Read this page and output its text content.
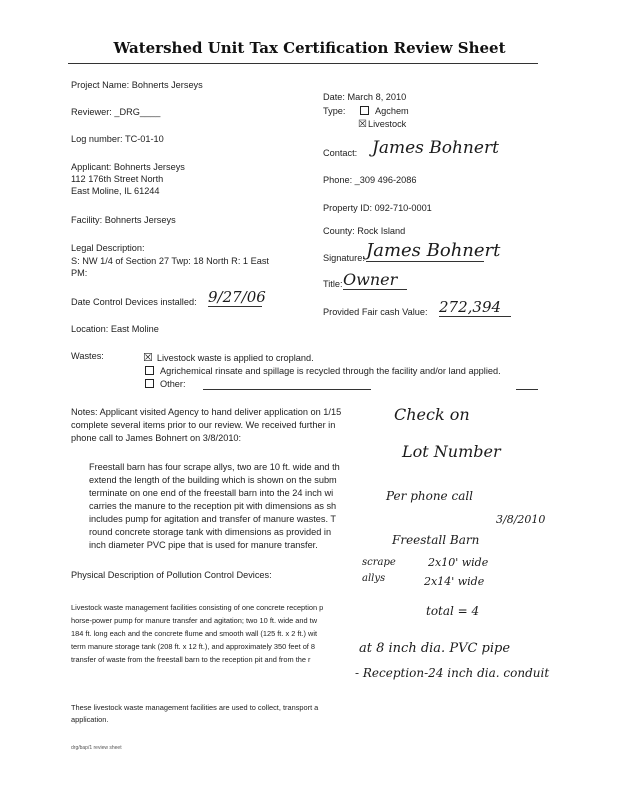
Watershed Unit Tax Certification Review Sheet
Project Name: Bohnerts Jerseys
Reviewer: _DRG____
Log number: TC-01-10
Applicant: Bohnerts Jerseys
112 176th Street North
East Moline, IL 61244
Facility: Bohnerts Jerseys
Legal Description:
S: NW 1/4 of Section 27 Twp: 18 North R: 1 East
PM:
Date Control Devices installed: 9/27/06
Location: East Moline
Date: March 8, 2010
Type:	Agchem
☒Livestock
Contact: James Bohnert
Phone: _309 496-2086
Property ID: 092-710-0001
County: Rock Island
Signature: James Bohnert
Title: Owner
Provided Fair cash Value: 272,394
Wastes:	☒ Livestock waste is applied to cropland.
Agrichemical rinsate and spillage is recycled through the facility and/or land applied.
Other:
Notes: Applicant visited Agency to hand deliver application on 1/15
complete several items prior to our review. We received further in
phone call to James Bohnert on 3/8/2010:
Freestall barn has four scrape allys, two are 10 ft. wide and th
extend the length of the building which is shown on the subm
terminate on one end of the freestall barn into the 24 inch wi
carries the manure to the reception pit with dimensions as sh
includes pump for agitation and transfer of manure wastes. T
round concrete storage tank with dimensions as provided in
inch diameter PVC pipe that is used for manure transfer.
Physical Description of Pollution Control Devices:
Livestock waste management facilities consisting of one concrete reception p
horse-power pump for manure transfer and agitation; two 10 ft. wide and tw
184 ft. long each and the concrete flume and smooth wall (125 ft. x 2 ft.) wit
term manure storage tank (208 ft. x 12 ft.), and approximately 350 feet of 8
transfer of waste from the freestall barn to the reception pit and from the r
These livestock waste management facilities are used to collect, transport a
application.
drg/bap/1 review sheet
Check on
Lot Number
Per phone call
3/8/2010
Freestall Barn
scrape
allys
2x10' wide
2x14' wide
total = 4
at 8 inch dia. PVC pipe
- Reception-24 inch dia. conduit
